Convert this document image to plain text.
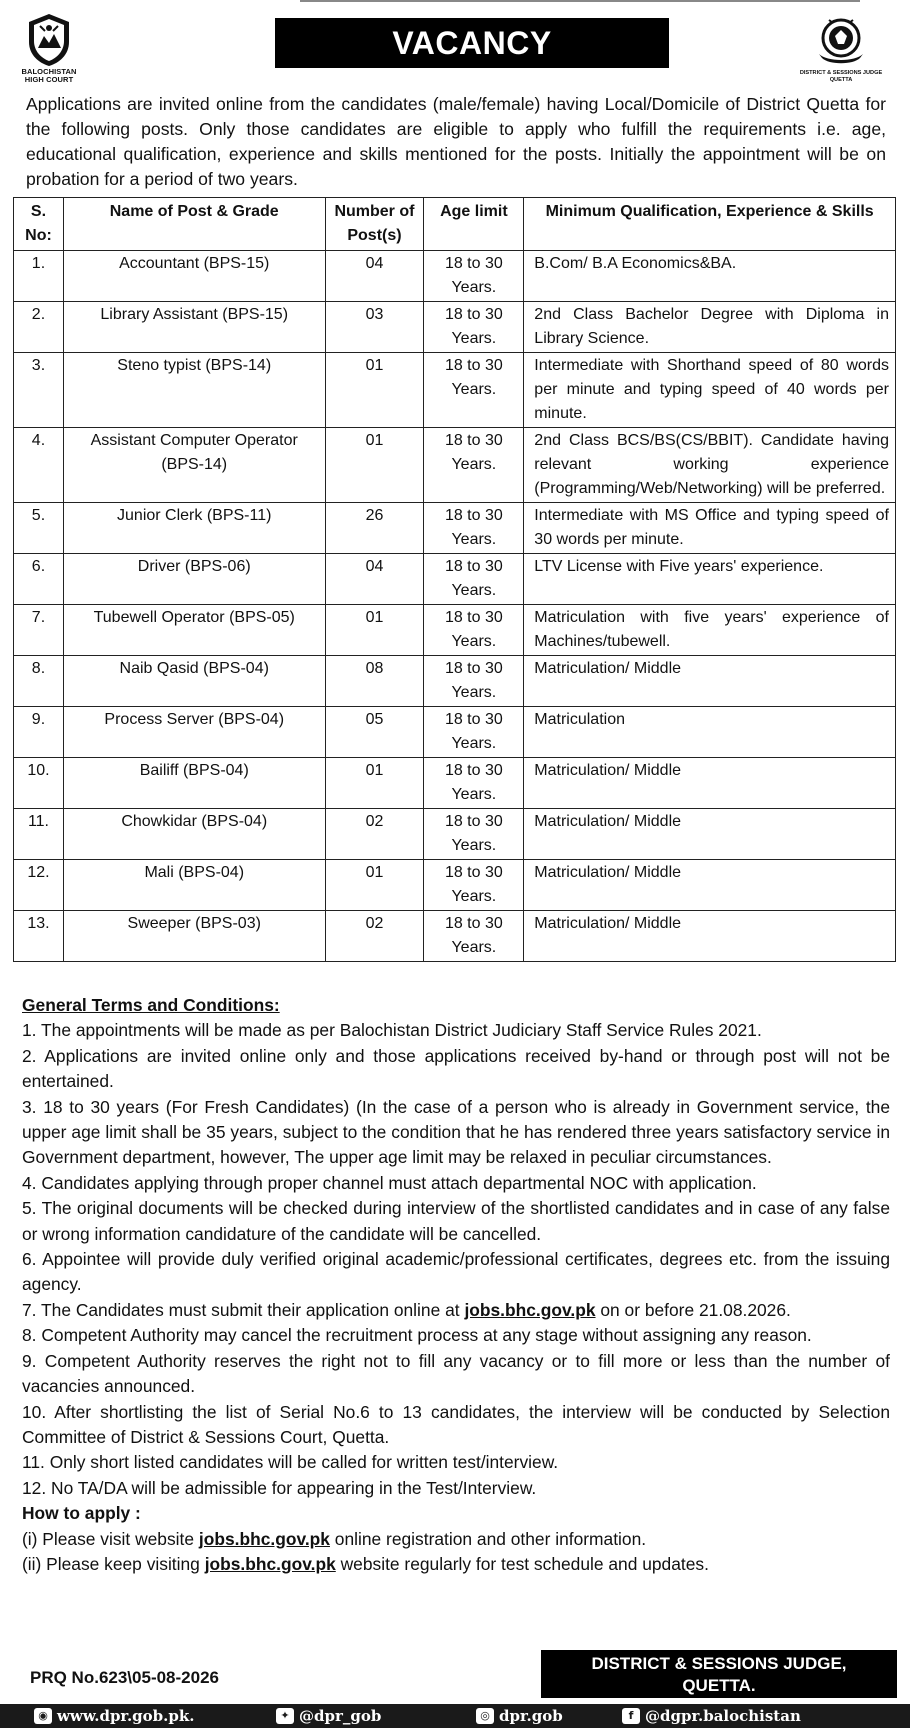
BALOCHISTAN
HIGH COURT
VACANCY
DISTRICT & SESSIONS JUDGE
QUETTA

Applications are invited online from the candidates (male/female) having Local/Domicile of District Quetta for the following posts. Only those candidates are eligible to apply who fulfill the requirements i.e. age, educational qualification, experience and skills mentioned for the posts. Initially the appointment will be on probation for a period of two years.

S. No:	Name of Post & Grade	Number of Post(s)	Age limit	Minimum Qualification, Experience & Skills
1.	Accountant (BPS-15)	04	18 to 30 Years.	B.Com/ B.A Economics&BA.
2.	Library Assistant (BPS-15)	03	18 to 30 Years.	2nd Class Bachelor Degree with Diploma in Library Science.
3.	Steno typist (BPS-14)	01	18 to 30 Years.	Intermediate with Shorthand speed of 80 words per minute and typing speed of 40 words per minute.
4.	Assistant Computer Operator (BPS-14)	01	18 to 30 Years.	2nd Class BCS/BS(CS/BBIT). Candidate having relevant working experience (Programming/Web/Networking) will be preferred.
5.	Junior Clerk (BPS-11)	26	18 to 30 Years.	Intermediate with MS Office and typing speed of 30 words per minute.
6.	Driver (BPS-06)	04	18 to 30 Years.	LTV License with Five years' experience.
7.	Tubewell Operator (BPS-05)	01	18 to 30 Years.	Matriculation with five years' experience of Machines/tubewell.
8.	Naib Qasid (BPS-04)	08	18 to 30 Years.	Matriculation/ Middle
9.	Process Server (BPS-04)	05	18 to 30 Years.	Matriculation
10.	Bailiff (BPS-04)	01	18 to 30 Years.	Matriculation/ Middle
11.	Chowkidar (BPS-04)	02	18 to 30 Years.	Matriculation/ Middle
12.	Mali (BPS-04)	01	18 to 30 Years.	Matriculation/ Middle
13.	Sweeper (BPS-03)	02	18 to 30 Years.	Matriculation/ Middle

General Terms and Conditions:

1. The appointments will be made as per Balochistan District Judiciary Staff Service Rules 2021.

2. Applications are invited online only and those applications received by-hand or through post will not be entertained.

3. 18 to 30 years (For Fresh Candidates) (In the case of a person who is already in Government service, the upper age limit shall be 35 years, subject to the condition that he has rendered three years satisfactory service in Government department, however, The upper age limit may be relaxed in peculiar circumstances.

4. Candidates applying through proper channel must attach departmental NOC with application.

5. The original documents will be checked during interview of the shortlisted candidates and in case of any false or wrong information candidature of the candidate will be cancelled.

6. Appointee will provide duly verified original academic/professional certificates, degrees etc. from the issuing agency.

7. The Candidates must submit their application online at jobs.bhc.gov.pk on or before 21.08.2026.

8. Competent Authority may cancel the recruitment process at any stage without assigning any reason.

9. Competent Authority reserves the right not to fill any vacancy or to fill more or less than the number of vacancies announced.

10. After shortlisting the list of Serial No.6 to 13 candidates, the interview will be conducted by Selection Committee of District & Sessions Court, Quetta.

11. Only short listed candidates will be called for written test/interview.

12. No TA/DA will be admissible for appearing in the Test/Interview.

How to apply :

(i) Please visit website jobs.bhc.gov.pk online registration and other information.

(ii) Please keep visiting jobs.bhc.gov.pk website regularly for test schedule and updates.

PRQ No.623\05-08-2026
DISTRICT & SESSIONS JUDGE,
QUETTA.
◉ www.dpr.gob.pk.	✦ @dpr_gob	◎ dpr.gob	f @dgpr.balochistan
